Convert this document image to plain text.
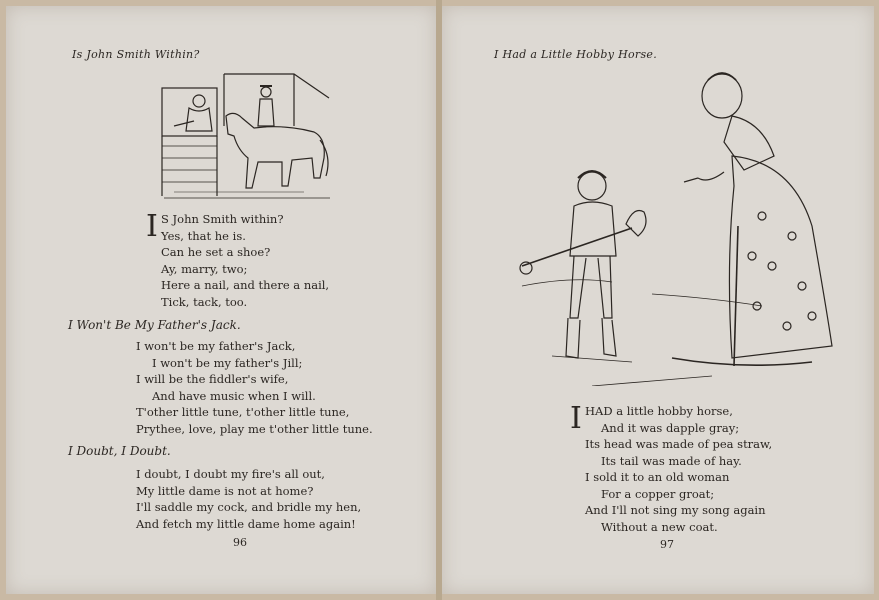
Is John Smith Within?
I S John Smith within?
Yes, that he is.
Can he set a shoe?
Ay, marry, two;
Here a nail, and there a nail,
Tick, tack, too.
I Won't Be My Father's Jack.
I won't be my father's Jack,
I won't be my father's Jill;
I will be the fiddler's wife,
And have music when I will.
T'other little tune, t'other little tune,
Prythee, love, play me t'other little tune.
I Doubt, I Doubt.
I doubt, I doubt my fire's all out,
My little dame is not at home?
I'll saddle my cock, and bridle my hen,
And fetch my little dame home again!
96
I Had a Little Hobby Horse.
I HAD a little hobby horse,
And it was dapple gray;
Its head was made of pea straw,
Its tail was made of hay.
I sold it to an old woman
For a copper groat;
And I'll not sing my song again
Without a new coat.
97
